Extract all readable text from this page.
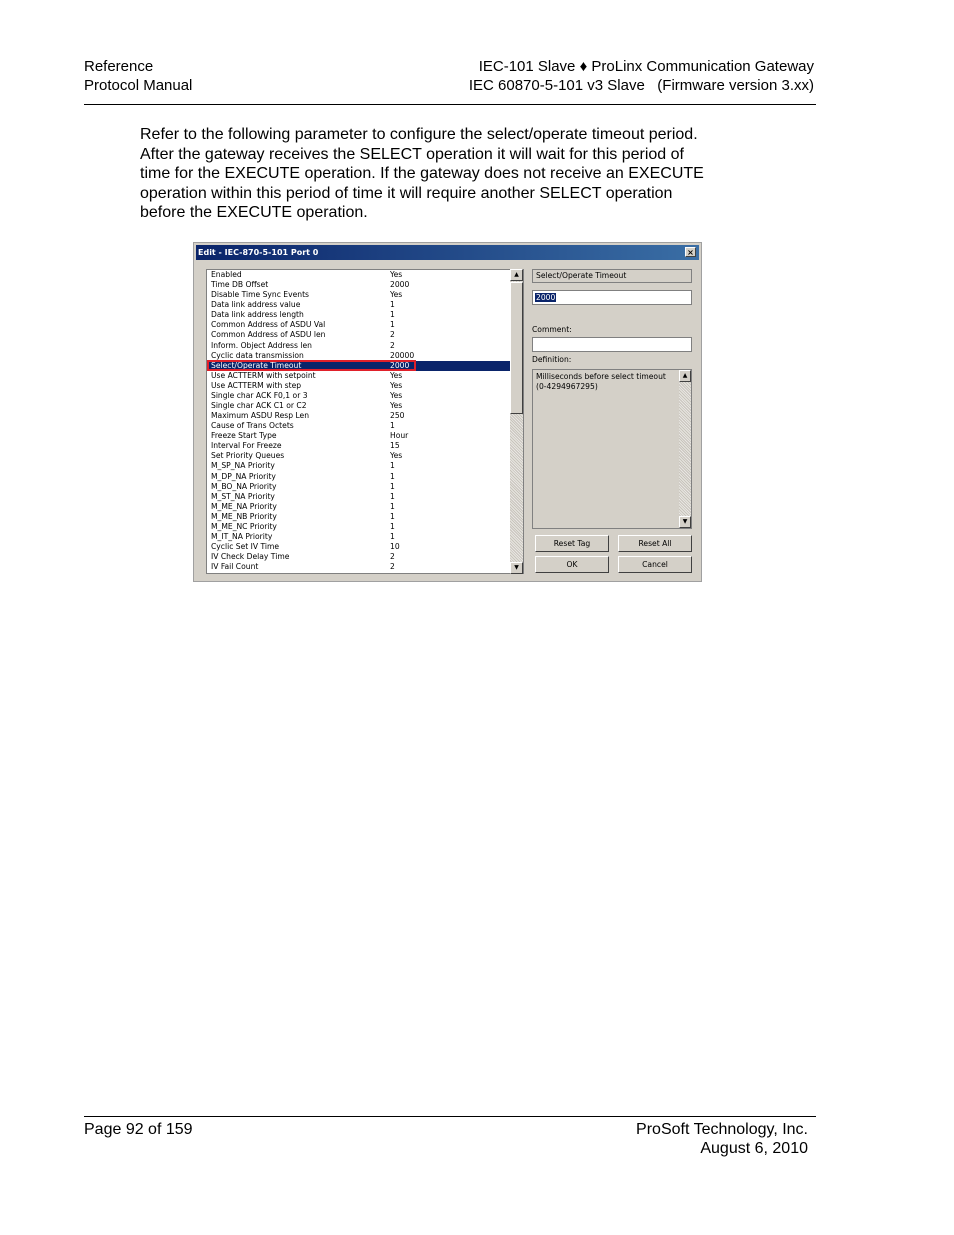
Reference
Protocol Manual
IEC-101 Slave ♦ ProLinx Communication Gateway
IEC 60870-5-101 v3 Slave   (Firmware version 3.xx)
Refer to the following parameter to configure the select/operate timeout period.
After the gateway receives the SELECT operation it will wait for this period of
time for the EXECUTE operation. If the gateway does not receive an EXECUTE
operation within this period of time it will require another SELECT operation
before the EXECUTE operation.
Edit - IEC-870-5-101 Port 0	×
Enabled	Yes
Time DB Offset	2000
Disable Time Sync Events	Yes
Data link address value	1
Data link address length	1
Common Address of ASDU Val	1
Common Address of ASDU len	2
Inform. Object Address len	2
Cyclic data transmission	20000
Select/Operate Timeout	2000
Use ACTTERM with setpoint	Yes
Use ACTTERM with step	Yes
Single char ACK F0,1 or 3	Yes
Single char ACK C1 or C2	Yes
Maximum ASDU Resp Len	250
Cause of Trans Octets	1
Freeze Start Type	Hour
Interval For Freeze	15
Set Priority Queues	Yes
M_SP_NA Priority	1
M_DP_NA Priority	1
M_BO_NA Priority	1
M_ST_NA Priority	1
M_ME_NA Priority	1
M_ME_NB Priority	1
M_ME_NC Priority	1
M_IT_NA Priority	1
Cyclic Set IV Time	10
IV Check Delay Time	2
IV Fail Count	2
▲
▼
Select/Operate Timeout
2000
Comment:
Definition:
Milliseconds before select timeout (0-4294967295)
▲
▼
Reset Tag	Reset All
OK	Cancel
Page 92 of 159	ProSoft Technology, Inc.
August 6, 2010
